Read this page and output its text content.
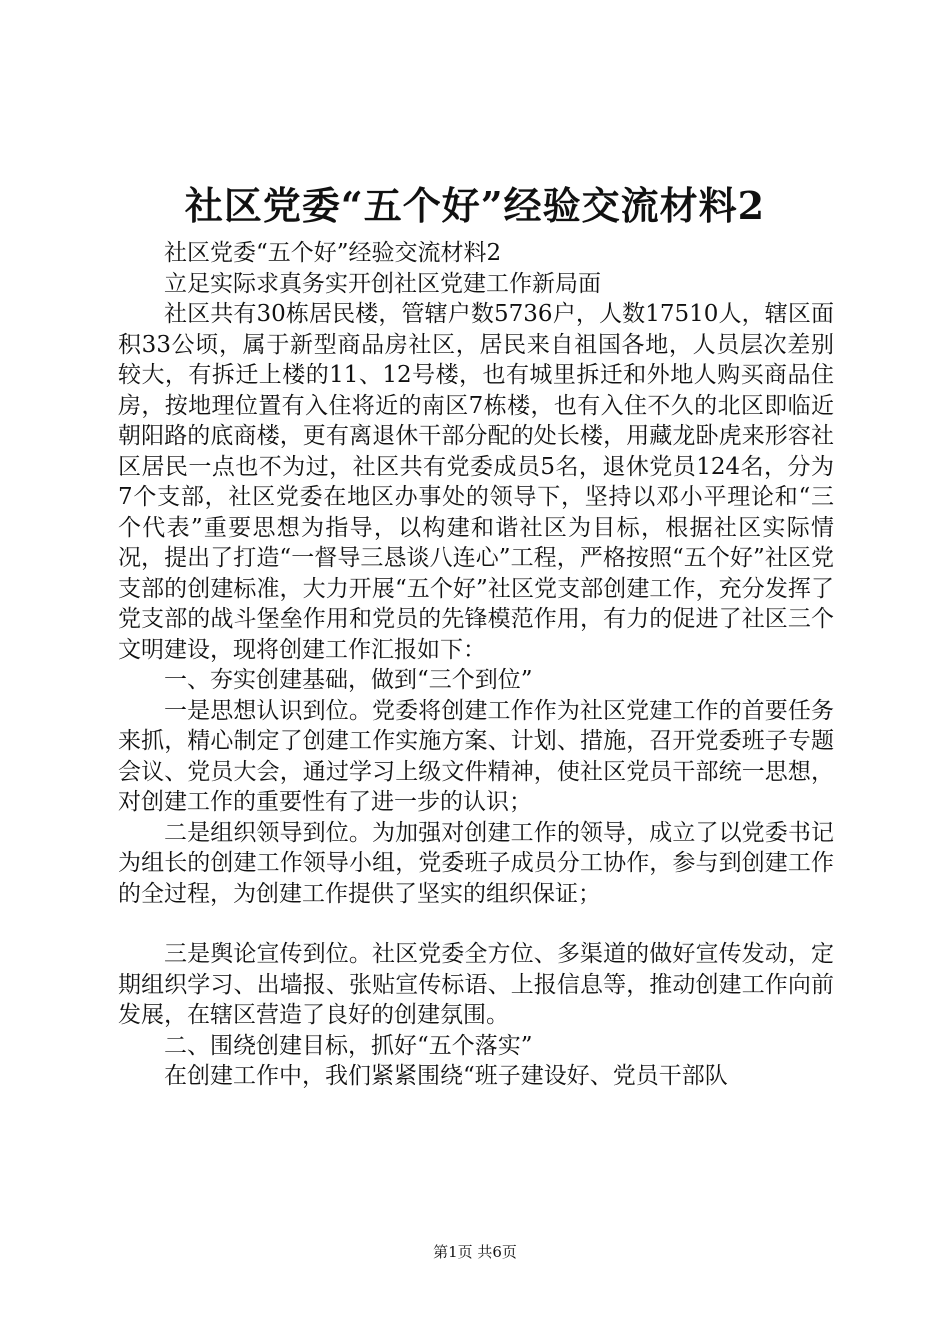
社区党委“五个好”经验交流材料2

社区党委“五个好”经验交流材料2

立足实际求真务实开创社区党建工作新局面

社区共有30栋居民楼，管辖户数5736户，人数17510人，辖区面积33公顷，属于新型商品房社区，居民来自祖国各地，人员层次差别较大，有拆迁上楼的11、12号楼，也有城里拆迁和外地人购买商品住房，按地理位置有入住将近的南区7栋楼，也有入住不久的北区即临近朝阳路的底商楼，更有离退休干部分配的处长楼，用藏龙卧虎来形容社区居民一点也不为过，社区共有党委成员5名，退休党员124名，分为7个支部，社区党委在地区办事处的领导下，坚持以邓小平理论和“三个代表”重要思想为指导，以构建和谐社区为目标，根据社区实际情况，提出了打造“一督导三恳谈八连心”工程，严格按照“五个好”社区党支部的创建标准，大力开展“五个好”社区党支部创建工作，充分发挥了党支部的战斗堡垒作用和党员的先锋模范作用，有力的促进了社区三个文明建设，现将创建工作汇报如下：

一、夯实创建基础，做到“三个到位”

一是思想认识到位。党委将创建工作作为社区党建工作的首要任务来抓，精心制定了创建工作实施方案、计划、措施，召开党委班子专题会议、党员大会，通过学习上级文件精神，使社区党员干部统一思想，对创建工作的重要性有了进一步的认识；

二是组织领导到位。为加强对创建工作的领导，成立了以党委书记为组长的创建工作领导小组，党委班子成员分工协作，参与到创建工作的全过程，为创建工作提供了坚实的组织保证；

三是舆论宣传到位。社区党委全方位、多渠道的做好宣传发动，定期组织学习、出墙报、张贴宣传标语、上报信息等，推动创建工作向前发展，在辖区营造了良好的创建氛围。

二、围绕创建目标，抓好“五个落实”

在创建工作中，我们紧紧围绕“班子建设好、党员干部队

第1页 共6页
